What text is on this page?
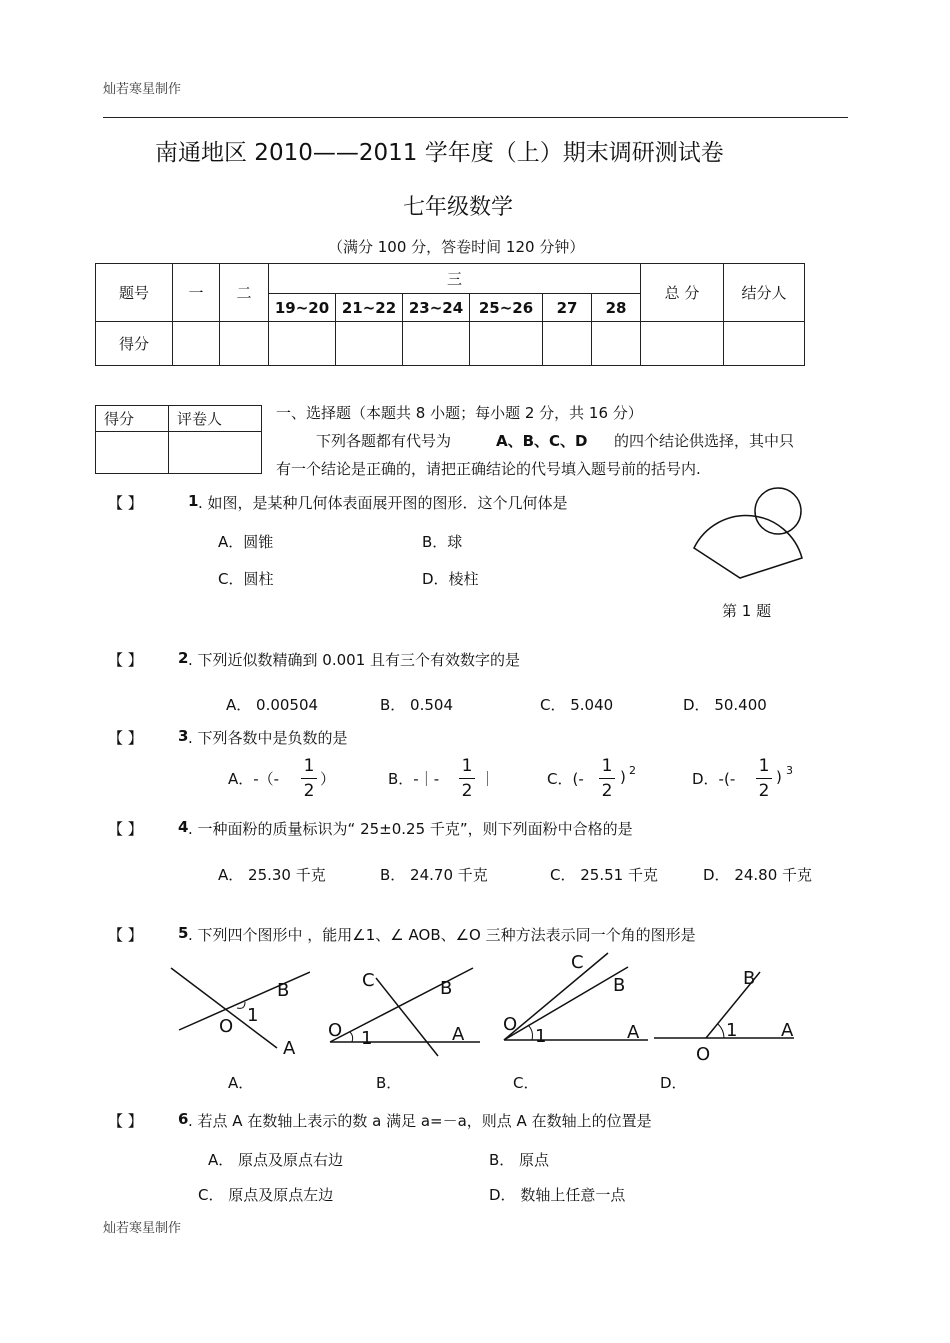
灿若寒星制作
南通地区 2010——2011 学年度（上）期末调研测试卷
七年级数学
（满分 100 分，答卷时间 120 分钟）
题号	一	二	三						总 分	结分人
			19~20	21~22	23~24	25~26	27	28		
得分										
得分	评卷人
		一、选择题（本题共 8 小题；每小题 2 分，共 16 分）
下列各题都有代号为	A、B、C、D 的四个结论供选择，其中只
有一个结论是正确的，请把正确结论的代号填入题号前的括号内.
【 】	1 . 如图，是某种几何体表面展开图的图形．这个几何体是
A．圆锥	B．球
C．圆柱	D．棱柱
第 1 题
【 】 2 . 下列近似数精确到 0.001 且有三个有效数字的是
A． 0.00504	B． 0.504	C． 5.040	D． 50.400
【 】 3 . 下列各数中是负数的是
A．-（-
1
2
）	B．-｜-
1
2
｜	C．(-
1
2
) 2	D．-(-
1
2
) 3
【 】 4 . 一种面粉的质量标识为“ 25±0.25 千克”，则下列面粉中合格的是
A． 25.30 千克	B． 24.70 千克	C． 25.51 千克	D． 24.80 千克
【 】 5 . 下列四个图形中 ，能用∠1、∠ AOB、∠O 三种方法表示同一个角的图形是
B
1
O
A
C	B
O 1	A
C
B
O
1	A
B
1 A
O
A．	B．	C．	D．
【 】 6 . 若点 A 在数轴上表示的数 a 满足 a=－a，则点 A 在数轴上的位置是
A． 原点及原点右边	B． 原点
C． 原点及原点左边	D． 数轴上任意一点
灿若寒星制作
